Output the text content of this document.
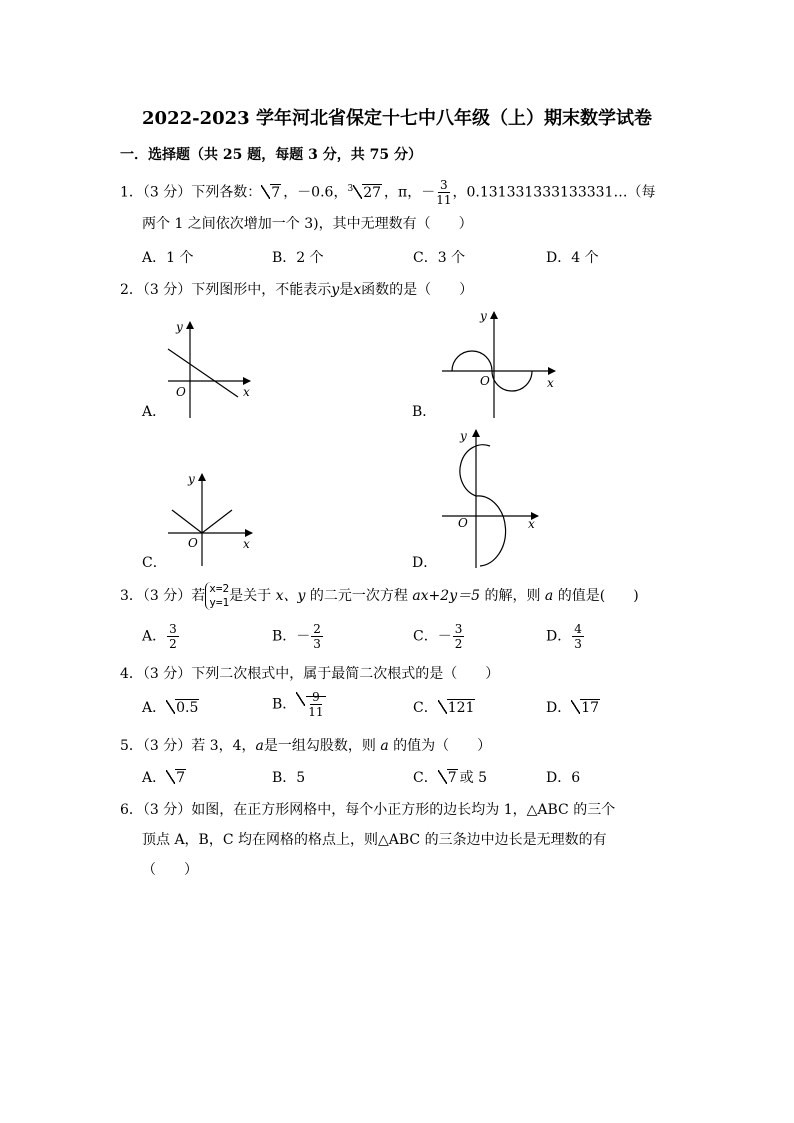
2022-2023 学年河北省保定十七中八年级（上）期末数学试卷
一．选择题（共 25 题，每题 3 分，共 75 分）
1．（3 分）下列各数： 7 ，－0.6，$^3$ 27 ，π，－ $\frac{3}{11}$ ，0.131331333133331…（每
两个 1 之间依次增加一个 3)，其中无理数有（　　）
A．1 个	B．2 个	C．3 个	D．4 个
2．（3 分）下列图形中，不能表示y是x函数的是（　　）
y
O	x
y
O	x
y
O	x
y
O	x
A．	B．
C．	D．
3．（3 分）若 x=2
y=1 是关于 x、y 的二元一次方程 ax+2y＝5 的解，则 a 的值是(　　)
A． $\frac{3}{2}$	B．－ $\frac{2}{3}$	C．－ $\frac{3}{2}$	D． $\frac{4}{3}$
4．（3 分）下列二次根式中，属于最简二次根式的是（　　）
A． 0.5	B． $\frac{9}{11}$	C． 121	D． 17
5．（3 分）若 3，4，a是一组勾股数，则 a 的值为（　　）
A． 7	B．5	C． 7 或 5	D．6
6．（3 分）如图，在正方形网格中，每个小正方形的边长均为 1，△ABC 的三个
顶点 A，B，C 均在网格的格点上，则△ABC 的三条边中边长是无理数的有
（　　）
